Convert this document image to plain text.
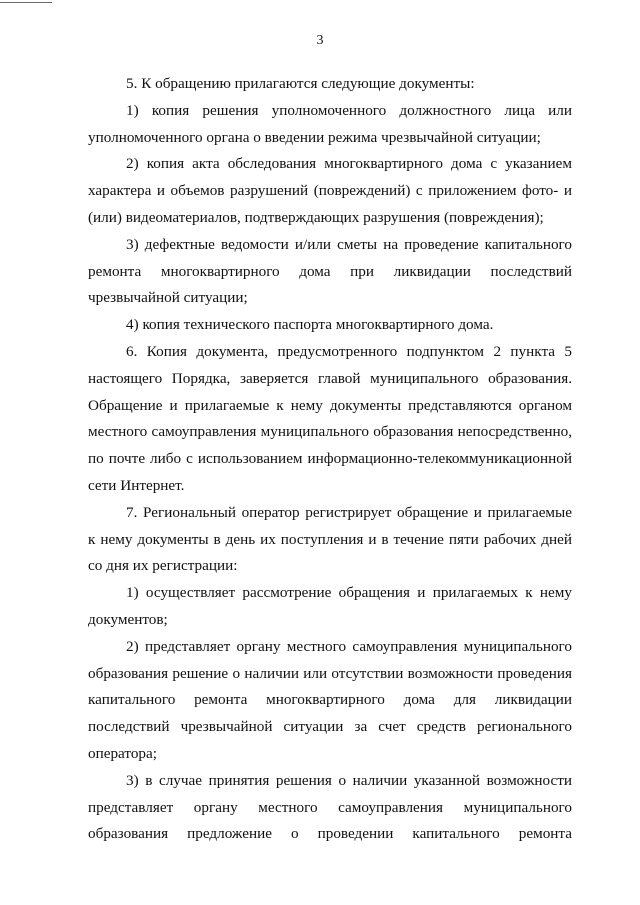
3

5. К обращению прилагаются следующие документы:

1) копия решения уполномоченного должностного лица или уполномоченного органа о введении режима чрезвычайной ситуации;

2) копия акта обследования многоквартирного дома с указанием характера и объемов разрушений (повреждений) с приложением фото- и (или) видеоматериалов, подтверждающих разрушения (повреждения);

3) дефектные ведомости и/или сметы на проведение капитального ремонта многоквартирного дома при ликвидации последствий чрезвычайной ситуации;

4) копия технического паспорта многоквартирного дома.

6. Копия документа, предусмотренного подпунктом 2 пункта 5 настоящего Порядка, заверяется главой муниципального образования. Обращение и прилагаемые к нему документы представляются органом местного самоуправления муниципального образования непосредственно, по почте либо с использованием информационно-телекоммуникационной сети Интернет.

7. Региональный оператор регистрирует обращение и прилагаемые к нему документы в день их поступления и в течение пяти рабочих дней со дня их регистрации:

1) осуществляет рассмотрение обращения и прилагаемых к нему документов;

2) представляет органу местного самоуправления муниципального образования решение о наличии или отсутствии возможности проведения капитального ремонта многоквартирного дома для ликвидации последствий чрезвычайной ситуации за счет средств регионального оператора;

3) в случае принятия решения о наличии указанной возможности представляет органу местного самоуправления муниципального образования предложение о проведении капитального ремонта
